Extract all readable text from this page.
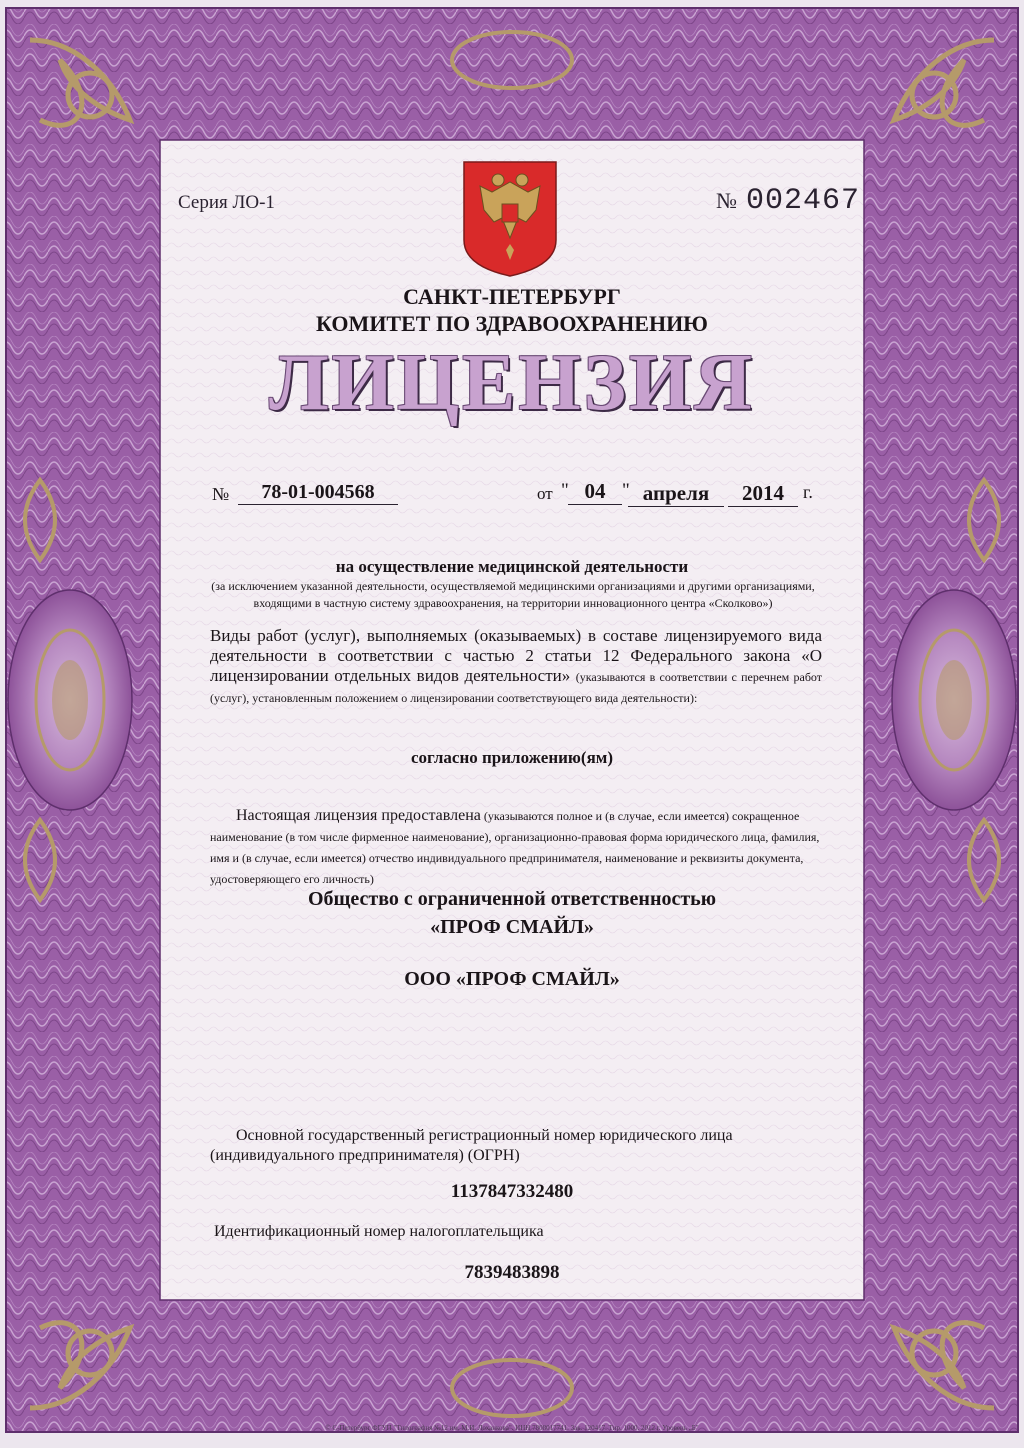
Серия ЛО-1	№ 002467
САНКТ-ПЕТЕРБУРГ
КОМИТЕТ ПО ЗДРАВООХРАНЕНИЮ
ЛИЦЕНЗИЯ
№	78-01-004568	от " 04 " апреля	2014	г.
на осуществление медицинской деятельности
(за исключением указанной деятельности, осуществляемой медицинскими организациями и другими организациями, входящими в частную систему здравоохранения, на территории инновационного центра «Сколково»)
Виды работ (услуг), выполняемых (оказываемых) в составе лицензируемого вида деятельности в соответствии с частью 2 статьи 12 Федерального закона «О лицензировании отдельных видов деятельности» (указываются в соответствии с перечнем работ (услуг), установленным положением о лицензировании соответствующего вида деятельности):
согласно приложению(ям)
Настоящая лицензия предоставлена (указываются полное и (в случае, если имеется) сокращенное наименование (в том числе фирменное наименование), организационно-правовая форма юридического лица, фамилия, имя и (в случае, если имеется) отчество индивидуального предпринимателя, наименование и реквизиты документа, удостоверяющего его личность)
Общество с ограниченной ответственностью
«ПРОФ СМАЙЛ»
ООО «ПРОФ СМАЙЛ»
Основной государственный регистрационный номер юридического лица (индивидуального предпринимателя) (ОГРН)
1137847332480
Идентификационный номер налогоплательщика
7839483898
© С-Петербург ФГУП "Типография №12 им. М.И. Лоханкова". ИНН 7808017741. Зак. 120417. Тир. 1000. 2012 г. Уровень „Б"
